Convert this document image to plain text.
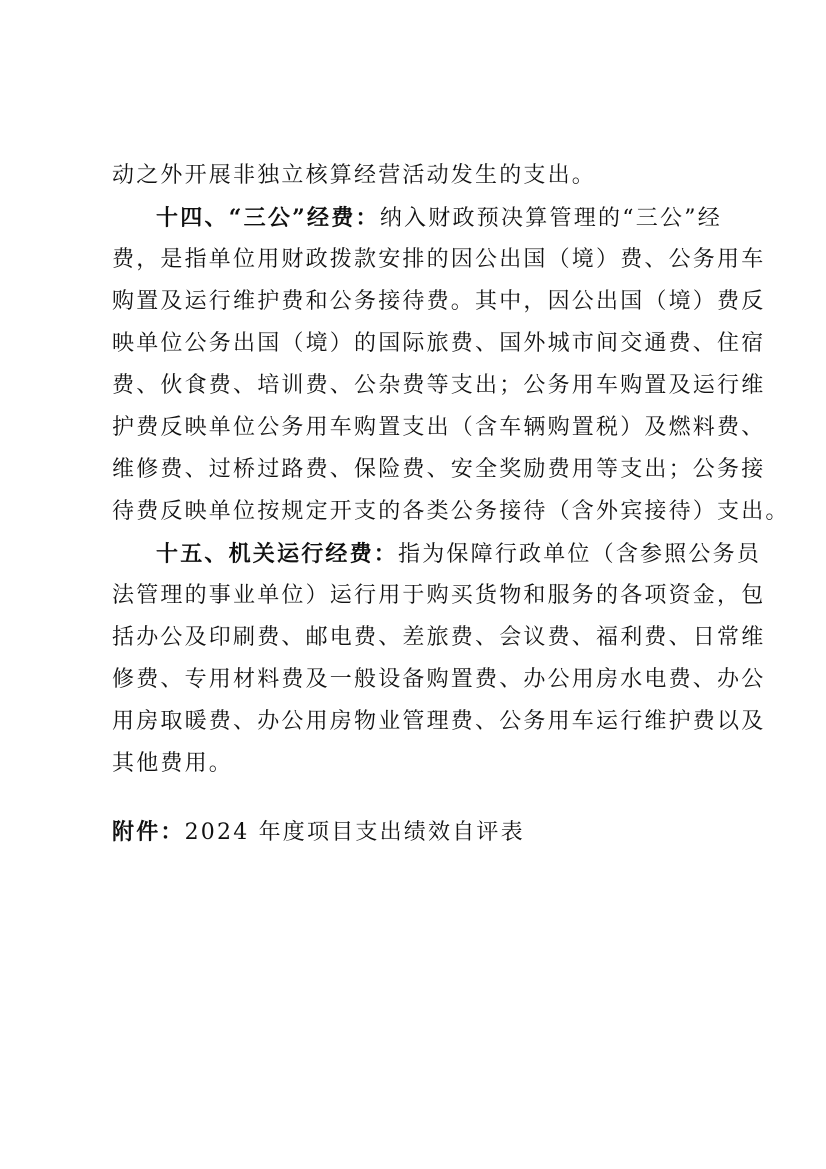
动之外开展非独立核算经营活动发生的支出。
十四、“三公”经费：纳入财政预决算管理的“三公”经
费，是指单位用财政拨款安排的因公出国（境）费、公务用车
购置及运行维护费和公务接待费。其中，因公出国（境）费反
映单位公务出国（境）的国际旅费、国外城市间交通费、住宿
费、伙食费、培训费、公杂费等支出；公务用车购置及运行维
护费反映单位公务用车购置支出（含车辆购置税）及燃料费、
维修费、过桥过路费、保险费、安全奖励费用等支出；公务接
待费反映单位按规定开支的各类公务接待（含外宾接待）支出。
十五、机关运行经费：指为保障行政单位（含参照公务员
法管理的事业单位）运行用于购买货物和服务的各项资金，包
括办公及印刷费、邮电费、差旅费、会议费、福利费、日常维
修费、专用材料费及一般设备购置费、办公用房水电费、办公
用房取暖费、办公用房物业管理费、公务用车运行维护费以及
其他费用。
附件：2024 年度项目支出绩效自评表
